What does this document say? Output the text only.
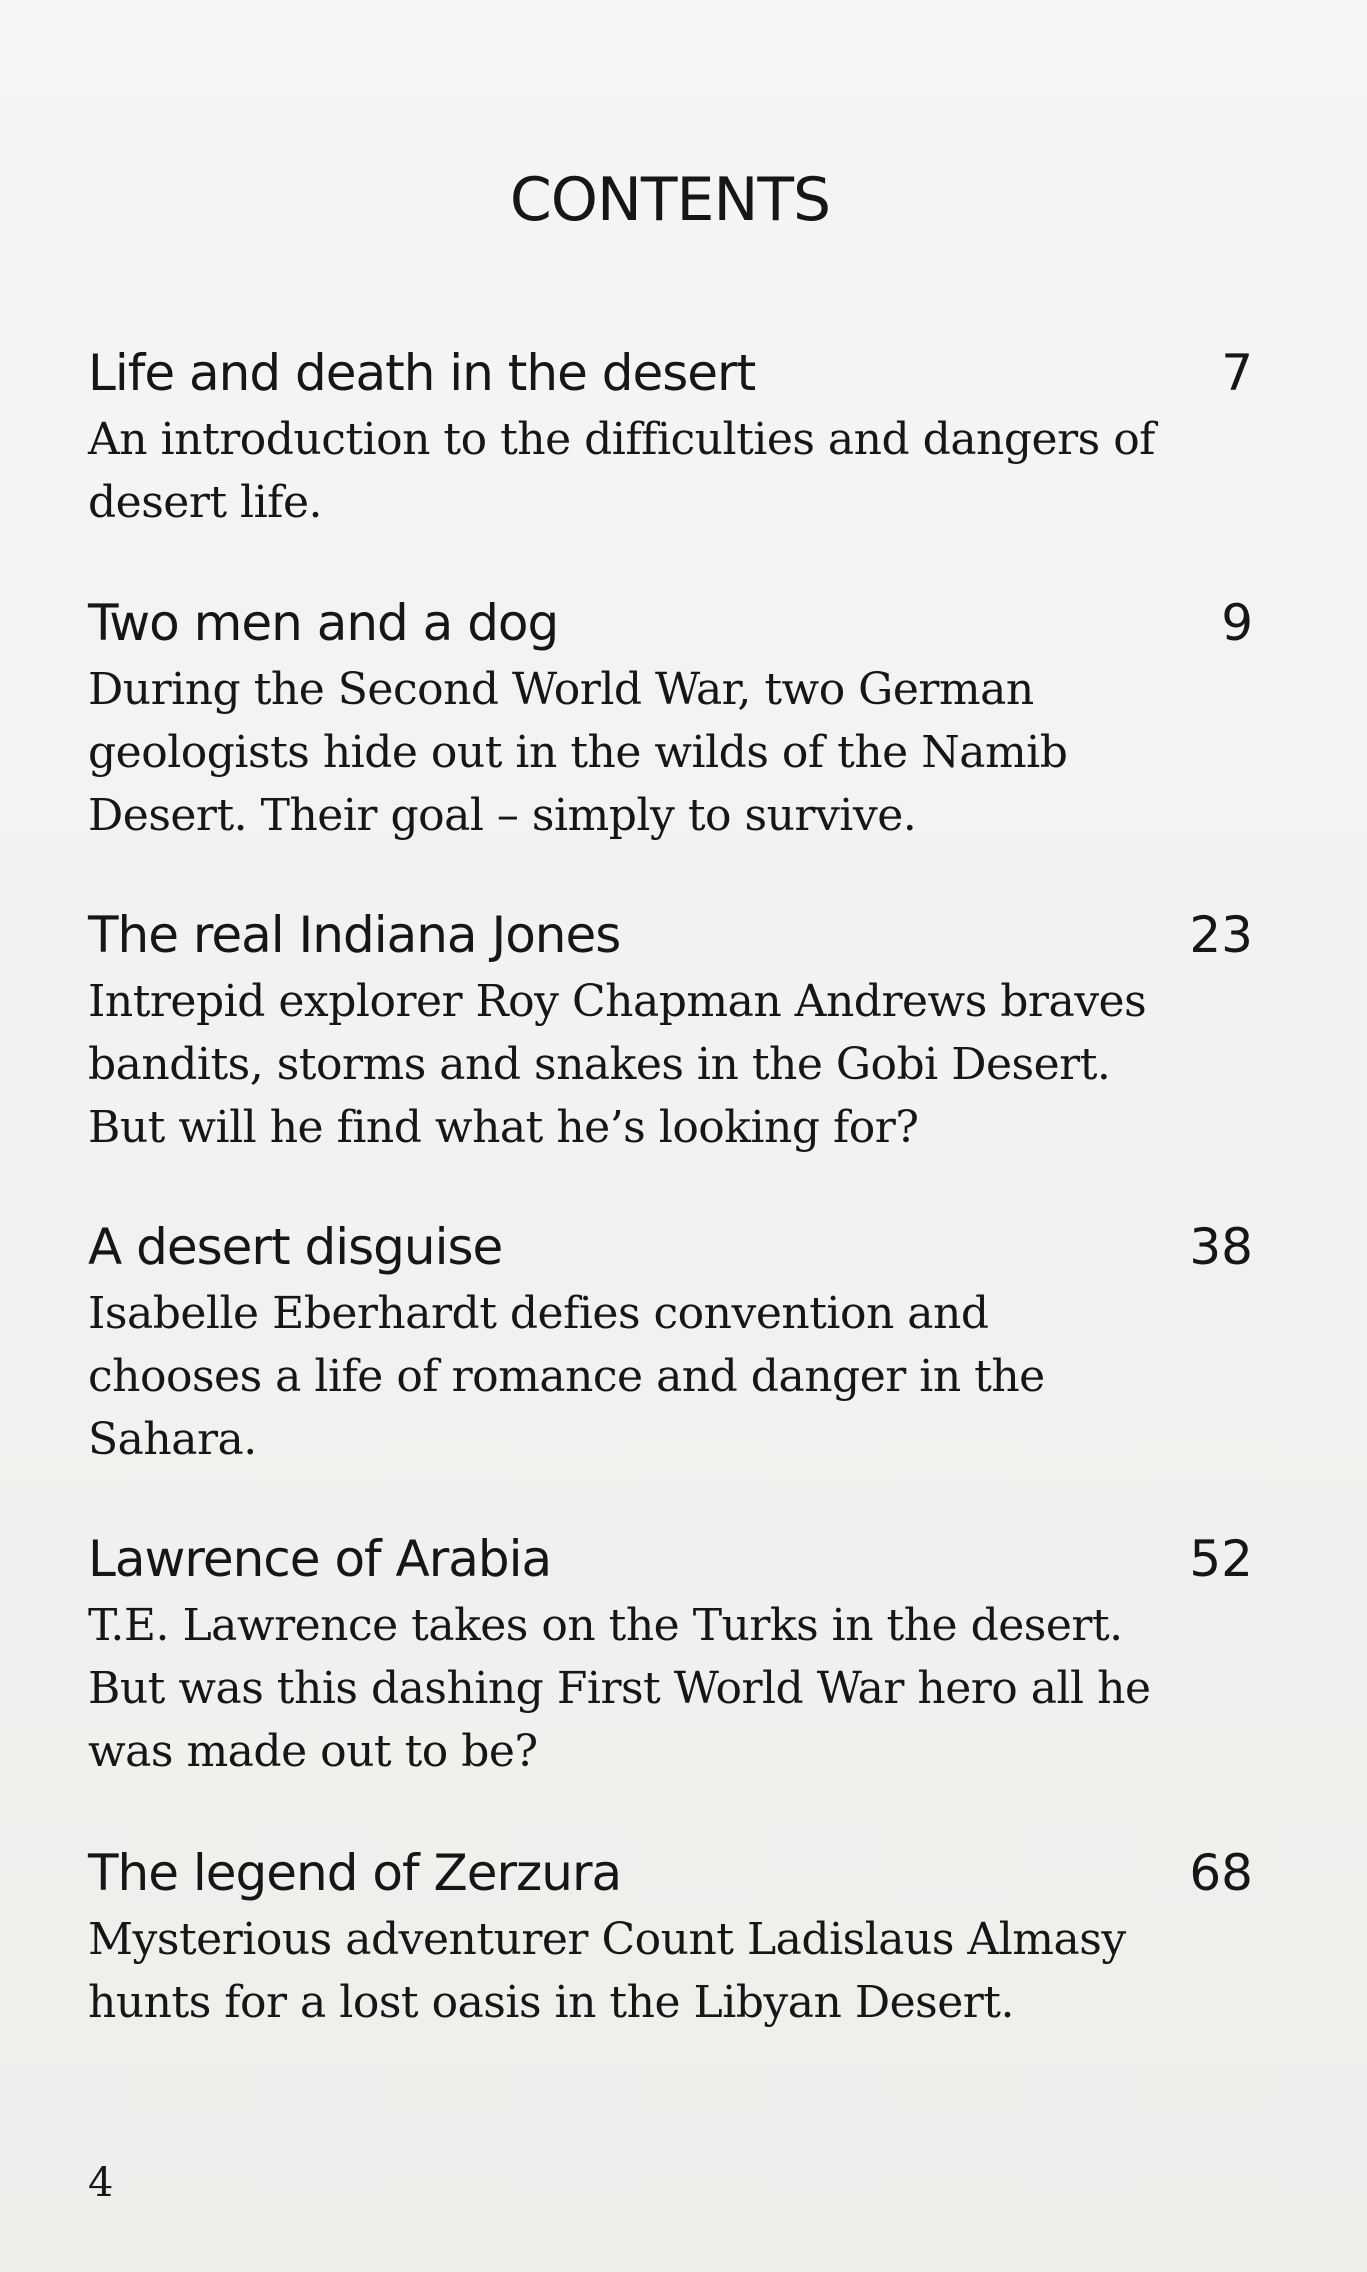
CONTENTS
Life and death in the desert	7

An introduction to the difficulties and dangers of desert life.

Two men and a dog	9

During the Second World War, two German geologists hide out in the wilds of the Namib Desert. Their goal – simply to survive.

The real Indiana Jones	23

Intrepid explorer Roy Chapman Andrews braves bandits, storms and snakes in the Gobi Desert. But will he find what he’s looking for?

A desert disguise	38

Isabelle Eberhardt defies convention and chooses a life of romance and danger in the Sahara.

Lawrence of Arabia	52

T.E. Lawrence takes on the Turks in the desert. But was this dashing First World War hero all he was made out to be?

The legend of Zerzura	68

Mysterious adventurer Count Ladislaus Almasy hunts for a lost oasis in the Libyan Desert.

4
